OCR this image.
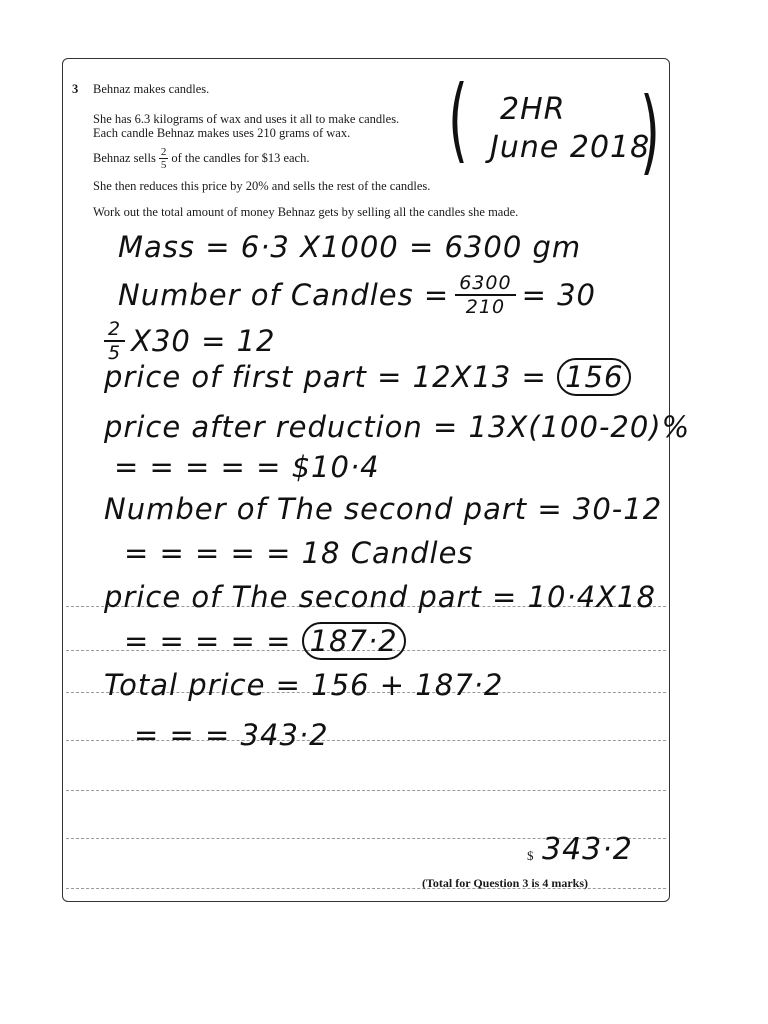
3 Behnaz makes candles.
She has 6.3 kilograms of wax and uses it all to make candles.
Each candle Behnaz makes uses 210 grams of wax.
Behnaz sells $\frac{2}{5}$ of the candles for $13 each.
She then reduces this price by 20% and sells the rest of the candles.
Work out the total amount of money Behnaz gets by selling all the candles she made.
( )
2HR
June 2018
Mass = 6·3 X1000 = 6300 gm
Number of Candles = $\frac{6300}{210} = 30$
$\frac{2}{5} X30 = 12$
price of first part = 12X13 = 156
price after reduction = 13X(100-20)%
= = = = = $10·4
Number of The second part = 30-12
= = = = = 18 Candles
price of The second part = 10·4X18
= = = = = 187·2
Total price = 156 + 187·2
= = = 343·2
$ 343·2
(Total for Question 3 is 4 marks)
